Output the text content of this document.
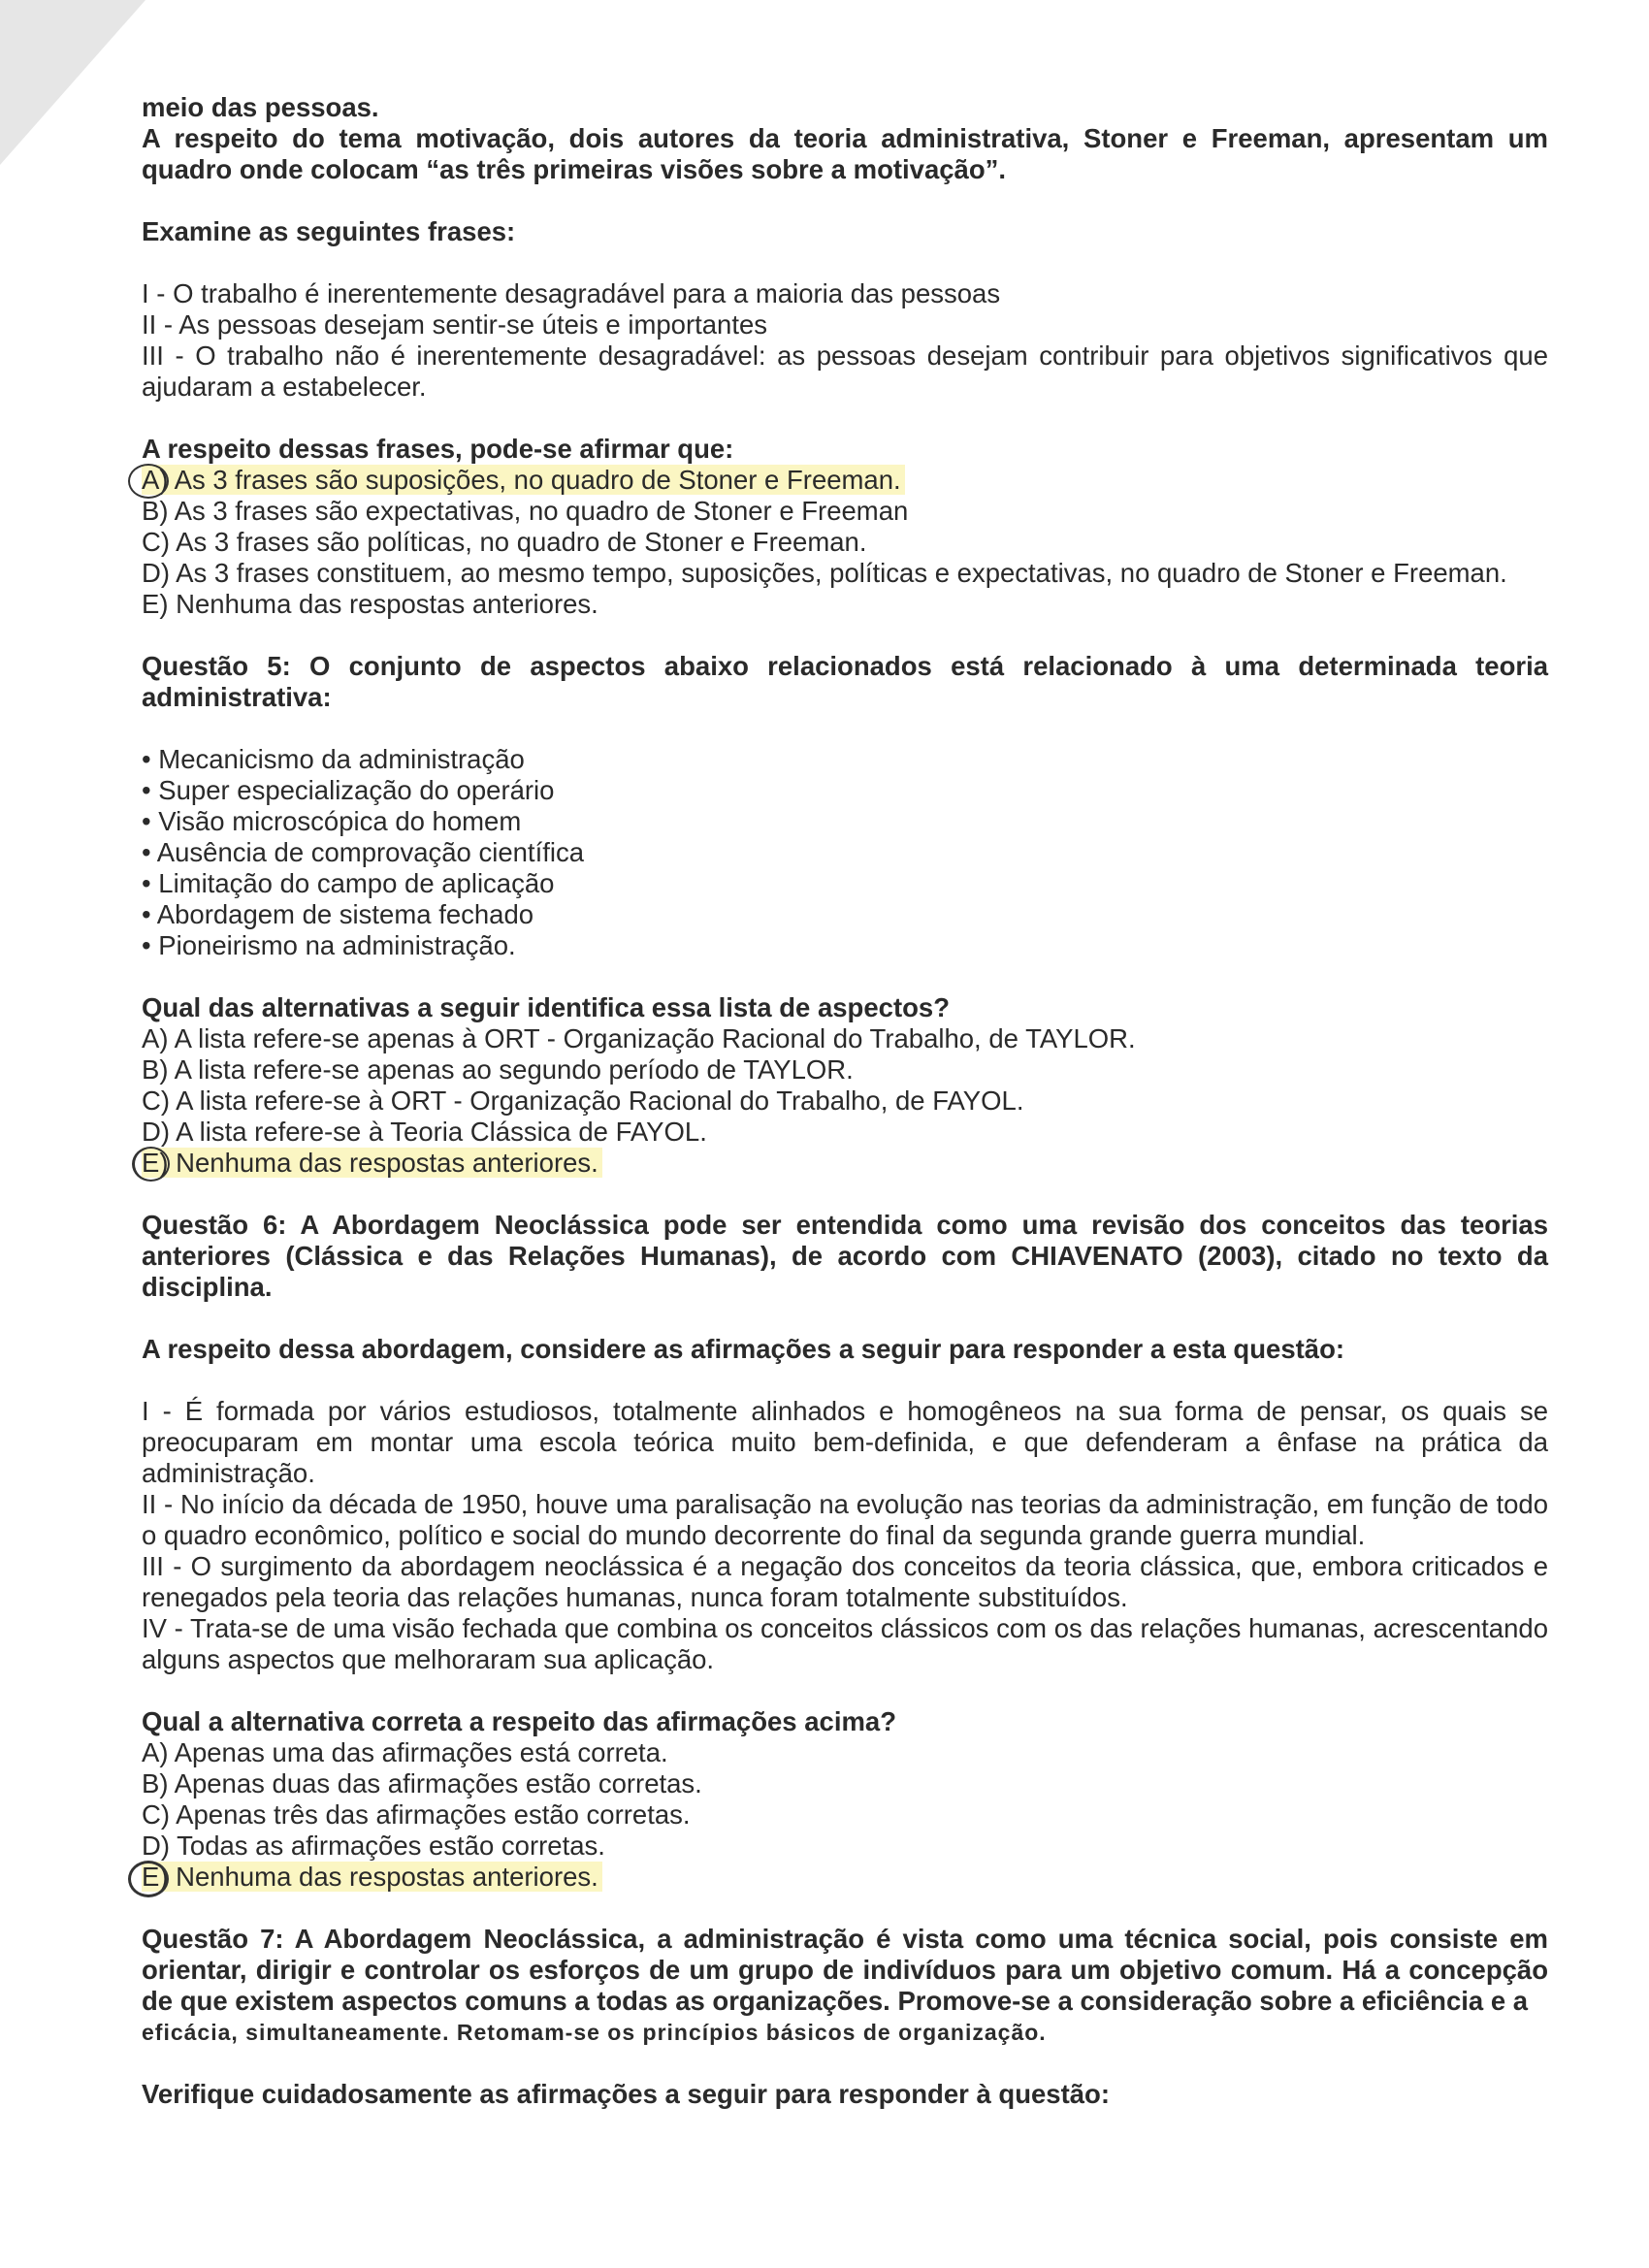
meio das pessoas.

A respeito do tema motivação, dois autores da teoria administrativa, Stoner e Freeman, apresentam um quadro onde colocam “as três primeiras visões sobre a motivação”.

Examine as seguintes frases:

I - O trabalho é inerentemente desagradável para a maioria das pessoas

II - As pessoas desejam sentir-se úteis e importantes

III - O trabalho não é inerentemente desagradável: as pessoas desejam contribuir para objetivos significativos que ajudaram a estabelecer.

A respeito dessas frases, pode-se afirmar que:

A) As 3 frases são suposições, no quadro de Stoner e Freeman.

B) As 3 frases são expectativas, no quadro de Stoner e Freeman

C) As 3 frases são políticas, no quadro de Stoner e Freeman.

D) As 3 frases constituem, ao mesmo tempo, suposições, políticas e expectativas, no quadro de Stoner e Freeman.

E) Nenhuma das respostas anteriores.

Questão 5: O conjunto de aspectos abaixo relacionados está relacionado à uma determinada teoria administrativa:

• Mecanicismo da administração
• Super especialização do operário
• Visão microscópica do homem
• Ausência de comprovação científica
• Limitação do campo de aplicação
• Abordagem de sistema fechado
• Pioneirismo na administração.

Qual das alternativas a seguir identifica essa lista de aspectos?

A) A lista refere-se apenas à ORT - Organização Racional do Trabalho, de TAYLOR.

B) A lista refere-se apenas ao segundo período de TAYLOR.

C) A lista refere-se à ORT - Organização Racional do Trabalho, de FAYOL.

D) A lista refere-se à Teoria Clássica de FAYOL.

E) Nenhuma das respostas anteriores.

Questão 6: A Abordagem Neoclássica pode ser entendida como uma revisão dos conceitos das teorias anteriores (Clássica e das Relações Humanas), de acordo com CHIAVENATO (2003), citado no texto da disciplina.

A respeito dessa abordagem, considere as afirmações a seguir para responder a esta questão:

I - É formada por vários estudiosos, totalmente alinhados e homogêneos na sua forma de pensar, os quais se preocuparam em montar uma escola teórica muito bem-definida, e que defenderam a ênfase na prática da administração.

II - No início da década de 1950, houve uma paralisação na evolução nas teorias da administração, em função de todo o quadro econômico, político e social do mundo decorrente do final da segunda grande guerra mundial.

III - O surgimento da abordagem neoclássica é a negação dos conceitos da teoria clássica, que, embora criticados e renegados pela teoria das relações humanas, nunca foram totalmente substituídos.

IV - Trata-se de uma visão fechada que combina os conceitos clássicos com os das relações humanas, acrescentando alguns aspectos que melhoraram sua aplicação.

Qual a alternativa correta a respeito das afirmações acima?

A) Apenas uma das afirmações está correta.

B) Apenas duas das afirmações estão corretas.

C) Apenas três das afirmações estão corretas.

D) Todas as afirmações estão corretas.

E) Nenhuma das respostas anteriores.

Questão 7: A Abordagem Neoclássica, a administração é vista como uma técnica social, pois consiste em orientar, dirigir e controlar os esforços de um grupo de indivíduos para um objetivo comum. Há a concepção de que existem aspectos comuns a todas as organizações. Promove-se a consideração sobre a eficiência e a

eficácia, simultaneamente. Retomam-se os princípios básicos de organização.

Verifique cuidadosamente as afirmações a seguir para responder à questão:
